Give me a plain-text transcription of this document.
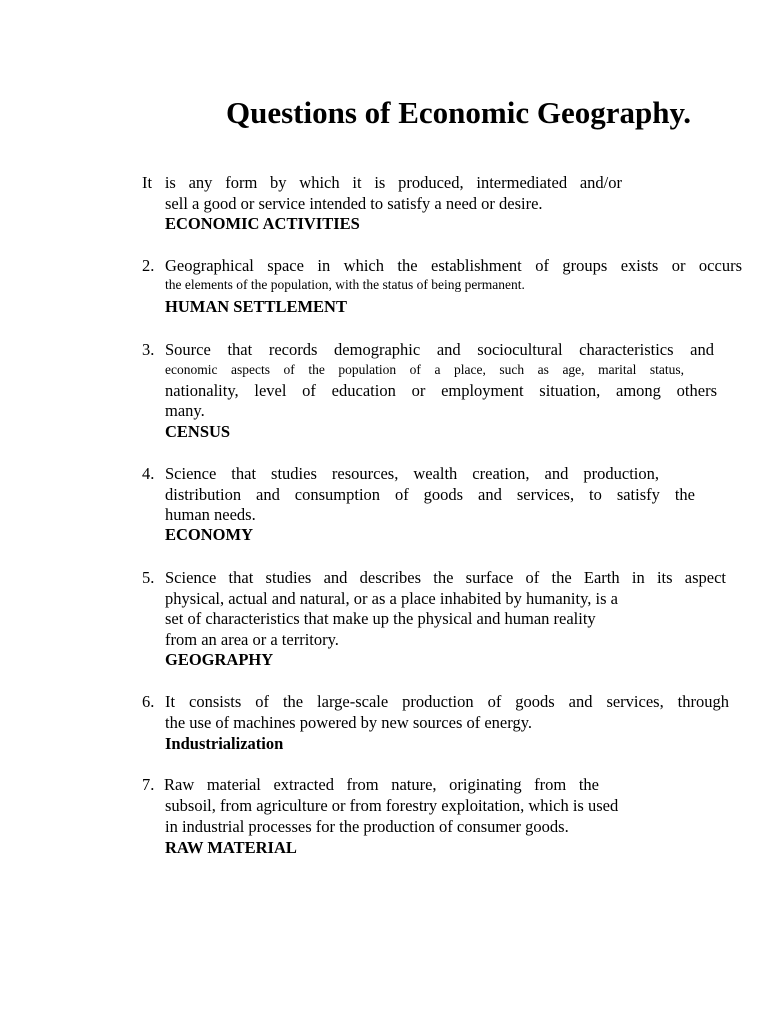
Questions of Economic Geography.
It is any form by which it is produced, intermediated and/or
sell a good or service intended to satisfy a need or desire.
ECONOMIC ACTIVITIES
2. Geographical space in which the establishment of groups exists or occurs
the elements of the population, with the status of being permanent.
HUMAN SETTLEMENT
3. Source that records demographic and sociocultural characteristics and
economic aspects of the population of a place, such as age, marital status,
nationality, level of education or employment situation, among others
many.
CENSUS
4. Science that studies resources, wealth creation, and production,
distribution and consumption of goods and services, to satisfy the
human needs.
ECONOMY
5. Science that studies and describes the surface of the Earth in its aspect
physical, actual and natural, or as a place inhabited by humanity, is a
set of characteristics that make up the physical and human reality
from an area or a territory.
GEOGRAPHY
6. It consists of the large-scale production of goods and services, through
the use of machines powered by new sources of energy.
Industrialization
7. Raw material extracted from nature, originating from the
subsoil, from agriculture or from forestry exploitation, which is used
in industrial processes for the production of consumer goods.
RAW MATERIAL
